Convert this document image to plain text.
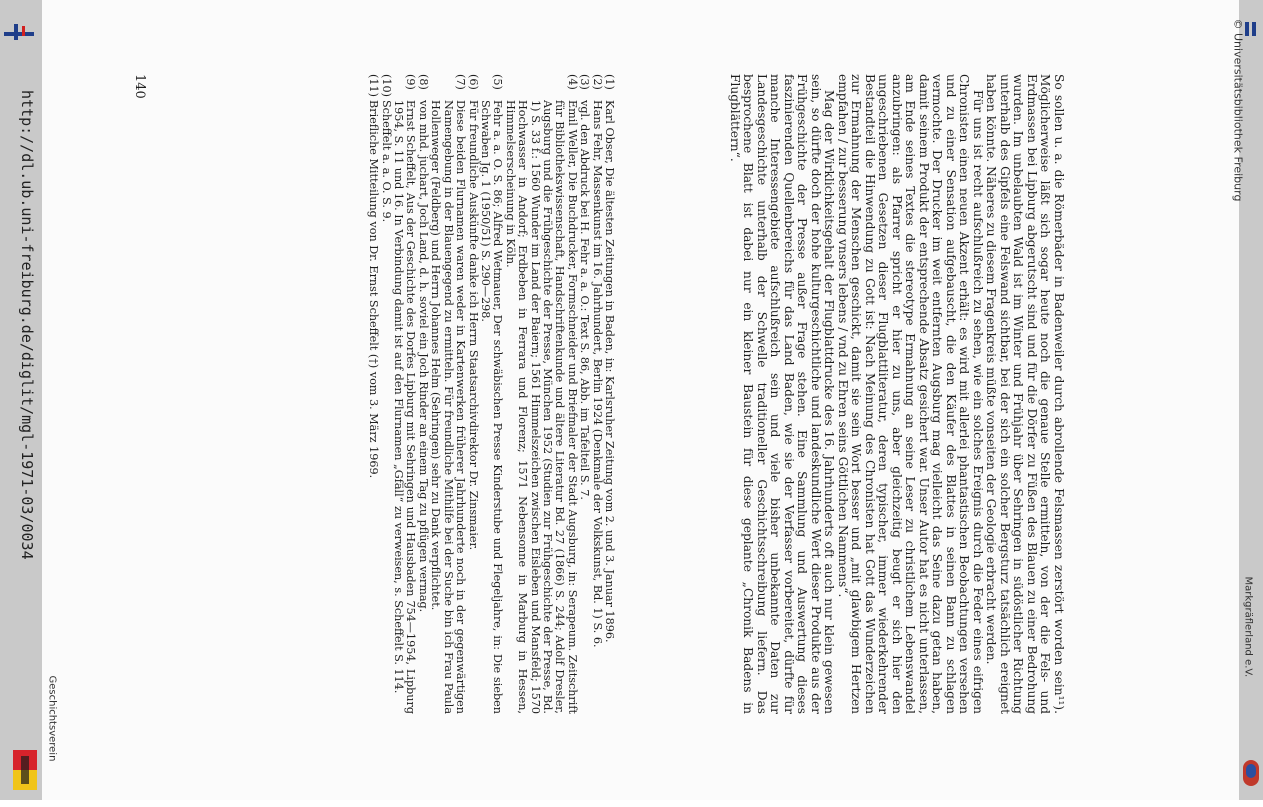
http://dl.ub.uni-freiburg.de/diglit/mgl-1971-03/0034
Geschichtsverein
© Universitätsbibliothek Freiburg
Markgräflerland e.V.

So sollen u. a. die Römerbäder in Badenweiler durch abrollende Felsmassen zerstört worden sein¹¹). Möglicherweise läßt sich sogar heute noch die genaue Stelle ermitteln, von der die Fels- und Erdmassen bei Lipburg abgerutscht sind und für die Dörfer zu Füßen des Blauen zu einer Bedrohung wurden. Im unbelaubten Wald ist im Winter und Frühjahr über Sehringen in südöstlicher Richtung unterhalb des Gipfels eine Felswand sichtbar, bei der sich ein solcher Bergsturz tatsächlich ereignet haben könnte. Näheres zu diesem Fragenkreis müßte vonseiten der Geologie erbracht werden.

Für uns ist recht aufschlußreich zu sehen, wie ein solches Ereignis durch die Feder eines eifrigen Chronisten einen neuen Akzent erhält: es wird mit allerlei phantastischen Beobachtungen versehen und zu einer Sensation aufgebauscht, die den Käufer des Blattes in seinen Bann zu schlagen vermochte. Der Drucker im weit entfernten Augsburg mag vielleicht das Seine dazu getan haben, damit seinem Produkt der entsprechende Absatz gesichert war. Unser Autor hat es nicht unterlassen, am Ende seines Textes die stereotype Ermahnung an seine Leser zu christlichem Lebenswandel anzubringen: als Pfarrer spricht er hier zu uns, aber gleichzeitig beugt er sich hier den ungeschriebenen Gesetzen dieser Flugblattliteratur, deren typischer, immer wiederkehrender Bestandteil die Hinwendung zu Gott ist: Nach Meinung des Chronisten hat Gott das Wunderzeichen zur Ermahnung der Menschen geschickt, damit sie sein Wort besser und „mit glawbigem Hertzen empfahen / zur besserung vnsers lebens / vnd zu Ehren seins Göttlichen Nammens“.

Mag der Wirklichkeitsgehalt der Flugblattdrucke des 16. Jahrhunderts oft auch nur klein gewesen sein, so dürfte doch der hohe kulturgeschichtliche und landeskundliche Wert dieser Produkte aus der Frühgeschichte der Presse außer Frage stehen. Eine Sammlung und Auswertung dieses faszinierenden Quellenbereichs für das Land Baden, wie sie der Verfasser vorbereitet, dürfte für manche Interessengebiete aufschlußreich sein und viele bisher unbekannte Daten zur Landesgeschichte unterhalb der Schwelle traditioneller Geschichtsschreibung liefern. Das besprochene Blatt ist dabei nur ein kleiner Baustein für diese geplante „Chronik Badens in Flugblättern“.

(1)
Karl Obser, Die ältesten Zeitungen in Baden, in: Karlsruher Zeitung vom 2. und 3. Januar 1896.
(2)
Hans Fehr, Massenkunst im 16. Jahrhundert, Berlin 1924 (Denkmale der Volkskunst, Bd. 1) S. 6.
(3)
vgl. den Abdruck bei H. Fehr a. a. O.: Text S. 86, Abb. im Tafelteil S. 7.
(4)
Emil Weller, Die Buchdrucker, Formschneider und Briefmaler der Stadt Augsburg, in: Serapeum. Zeitschrift für Bibliothekswissenschaft, Handschriftenkunde und ältere Literatur Bd. 27 (1866) S. 244; Adolf Dresler, Augsburg und die Frühgeschichte der Presse, München 1952 (Studien zur Frühgeschichte der Presse, Bd. 1) S. 33 f.: 1560 Wunder im Land der Baiern; 1561 Himmelszeichen zwischen Eisleben und Mansfeld; 1570 Hochwasser in Andorf; Erdbeben in Ferrara und Florenz; 1571 Nebensonne in Marburg in Hessen, Himmelserscheinung in Köln.
(5)
Fehr a. a. O. S. 86; Alfred Wetmauer, Der schwäbischen Presse Kinderstube und Flegeljahre, in: Die sieben Schwaben Jg. 1 (1950/51) S. 290—298.
(6)
Für freundliche Auskünfte danke ich Herrn Staatsarchivdirektor Dr. Zinsmaier.
(7)
Diese beiden Flurnamen waren weder in Kartenwerken früherer Jahrhunderte noch in der gegenwärtigen Namengebung in der Blauengegend zu ermitteln. Für freundliche Mithilfe bei der Suche bin ich Frau Paula Hollenweger (Feldberg) und Herrn Johannes Helm (Sehringen) sehr zu Dank verpflichtet.
(8)
von mhd. juchart, Joch Land, d. h. soviel ein Joch Rinder an einem Tag zu pflügen vermag.
(9)
Ernst Scheffelt, Aus der Geschichte des Dorfes Lipburg mit Sehringen und Hausbaden 754—1954, Lipburg 1954, S. 11 und 16. In Verbindung damit ist auf den Flurnamen „Gfäll“ zu verweisen, s. Scheffelt S. 114.
(10)
Scheffelt a. a. O. S. 9.
(11)
Briefliche Mitteilung von Dr. Ernst Scheffelt (†) vom 3. März 1969.
140
